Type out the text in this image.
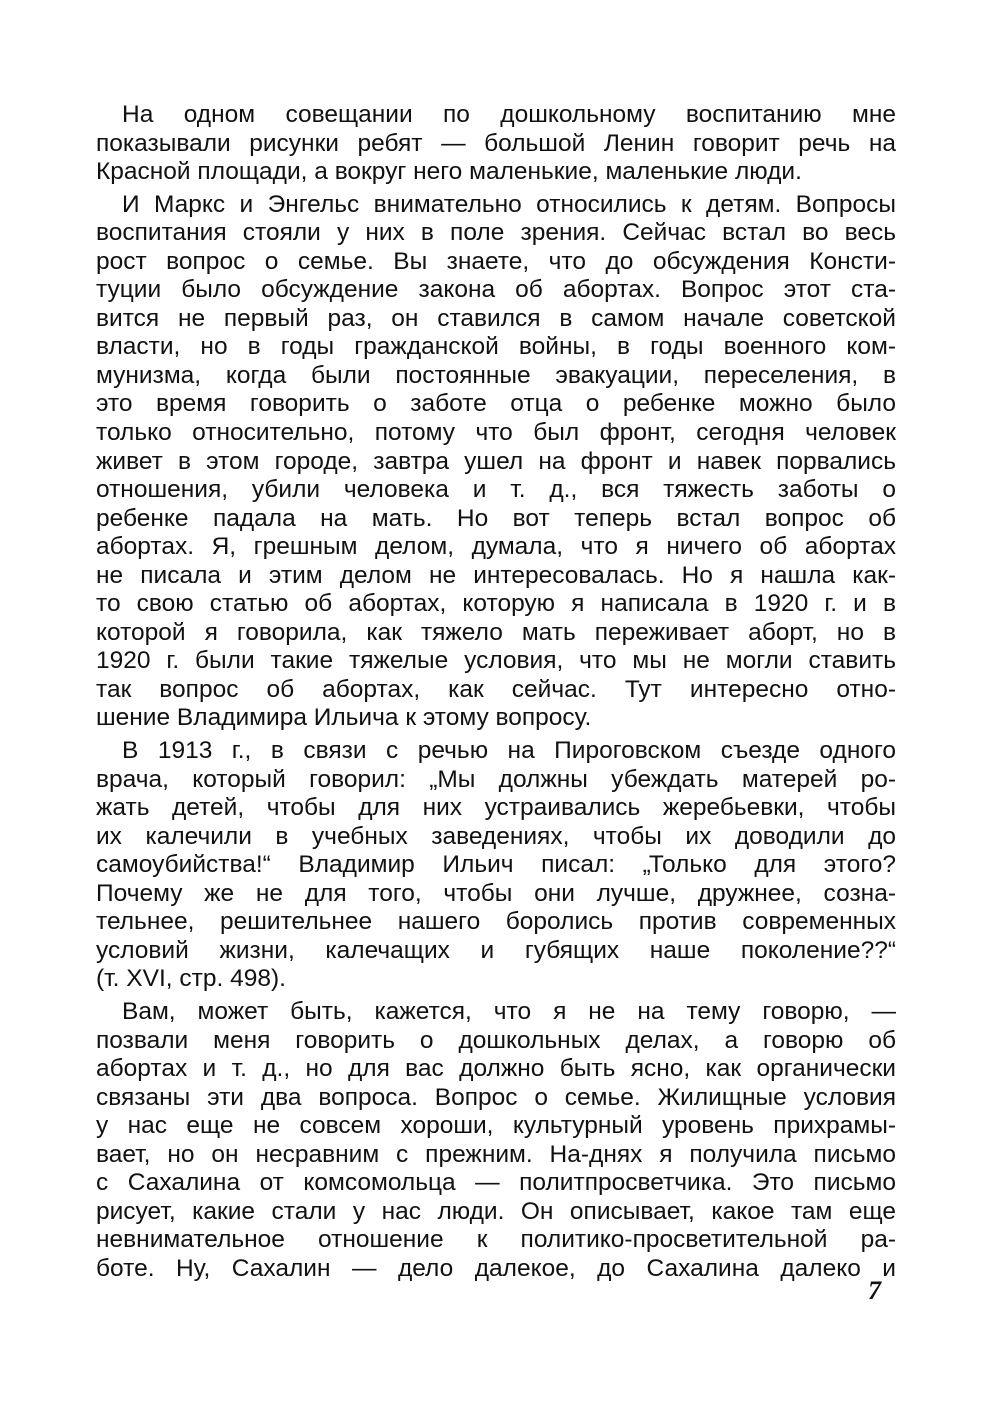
На одном совещании по дошкольному воспитанию мне
показывали рисунки ребят — большой Ленин говорит речь на
Красной площади, а вокруг него маленькие, маленькие люди.
И Маркс и Энгельс внимательно относились к детям. Вопросы
воспитания стояли у них в поле зрения. Сейчас встал во весь
рост вопрос о семье. Вы знаете, что до обсуждения Консти-
туции было обсуждение закона об абортах. Вопрос этот ста-
вится не первый раз, он ставился в самом начале советской
власти, но в годы гражданской войны, в годы военного ком-
мунизма, когда были постоянные эвакуации, переселения, в
это время говорить о заботе отца о ребенке можно было
только относительно, потому что был фронт, сегодня человек
живет в этом городе, завтра ушел на фронт и навек порвались
отношения, убили человека и т. д., вся тяжесть заботы о
ребенке падала на мать. Но вот теперь встал вопрос об
абортах. Я, грешным делом, думала, что я ничего об абортах
не писала и этим делом не интересовалась. Но я нашла как-
то свою статью об абортах, которую я написала в 1920 г. и в
которой я говорила, как тяжело мать переживает аборт, но в
1920 г. были такие тяжелые условия, что мы не могли ставить
так вопрос об абортах, как сейчас. Тут интересно отно-
шение Владимира Ильича к этому вопросу.
В 1913 г., в связи с речью на Пироговском съезде одного
врача, который говорил: „Мы должны убеждать матерей ро-
жать детей, чтобы для них устраивались жеребьевки, чтобы
их калечили в учебных заведениях, чтобы их доводили до
самоубийства!“ Владимир Ильич писал: „Только для этого?
Почему же не для того, чтобы они лучше, дружнее, созна-
тельнее, решительнее нашего боролись против современных
условий жизни, калечащих и губящих наше поколение??“
(т. XVI, стр. 498).
Вам, может быть, кажется, что я не на тему говорю, —
позвали меня говорить о дошкольных делах, а говорю об
абортах и т. д., но для вас должно быть ясно, как органически
связаны эти два вопроса. Вопрос о семье. Жилищные условия
у нас еще не совсем хороши, культурный уровень прихрамы-
вает, но он несравним с прежним. На-днях я получила письмо
с Сахалина от комсомольца — политпросветчика. Это письмо
рисует, какие стали у нас люди. Он описывает, какое там еще
невнимательное отношение к политико-просветительной ра-
боте. Ну, Сахалин — дело далекое, до Сахалина далеко и
7
